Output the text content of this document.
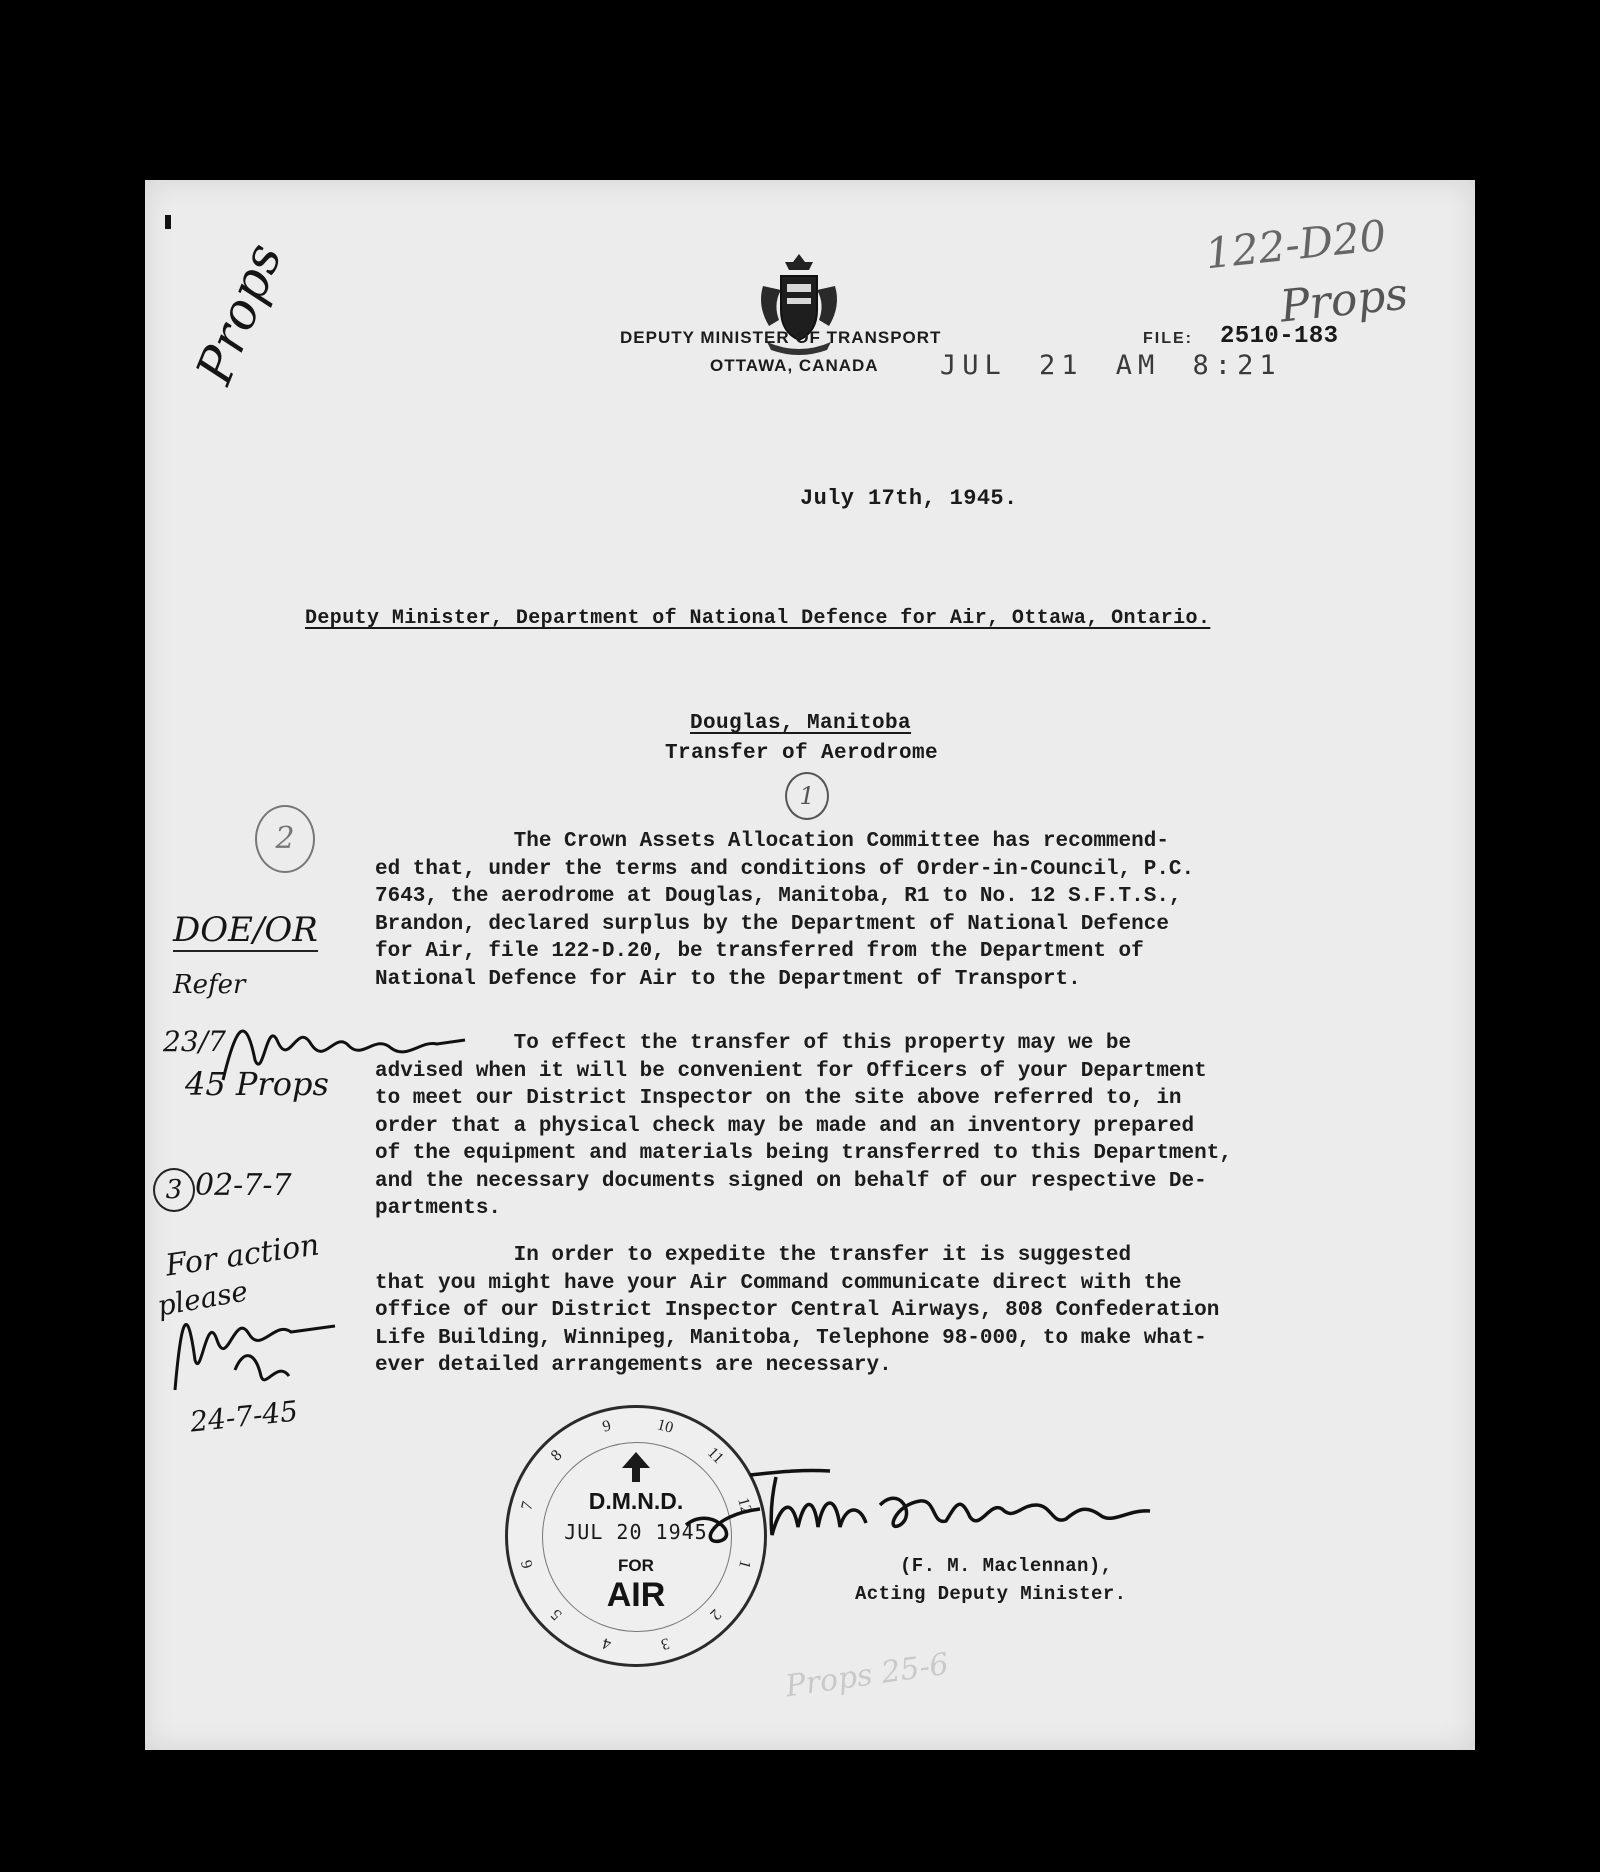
DEPUTY MINISTER OF TRANSPORT
OTTAWA, CANADA
FILE: 2510-183
JUL 21 AM 8:21
July 17th, 1945.
Deputy Minister, Department of National Defence for Air, Ottawa, Ontario.
Douglas, Manitoba
Transfer of Aerodrome
The Crown Assets Allocation Committee has recommend-
ed that, under the terms and conditions of Order-in-Council, P.C.
7643, the aerodrome at Douglas, Manitoba, R1 to No. 12 S.F.T.S.,
Brandon, declared surplus by the Department of National Defence
for Air, file 122-D.20, be transferred from the Department of
National Defence for Air to the Department of Transport.
To effect the transfer of this property may we be
advised when it will be convenient for Officers of your Department
to meet our District Inspector on the site above referred to, in
order that a physical check may be made and an inventory prepared
of the equipment and materials being transferred to this Department,
and the necessary documents signed on behalf of our respective De-
partments.
In order to expedite the transfer it is suggested
that you might have your Air Command communicate direct with the
office of our District Inspector Central Airways, 808 Confederation
Life Building, Winnipeg, Manitoba, Telephone 98-000, to make what-
ever detailed arrangements are necessary.
1
2
Props	122-D20
Props
DOE/OR
Refer
23/7
45 Props
3 02-7-7
For action
please
24-7-45	10
11
12
1
2
3
4
5
6
7
8
9
D.M.N.D.
JUL 20 1945
FOR
AIR
(F. M. Maclennan),
Acting Deputy Minister.
Props 25-6
